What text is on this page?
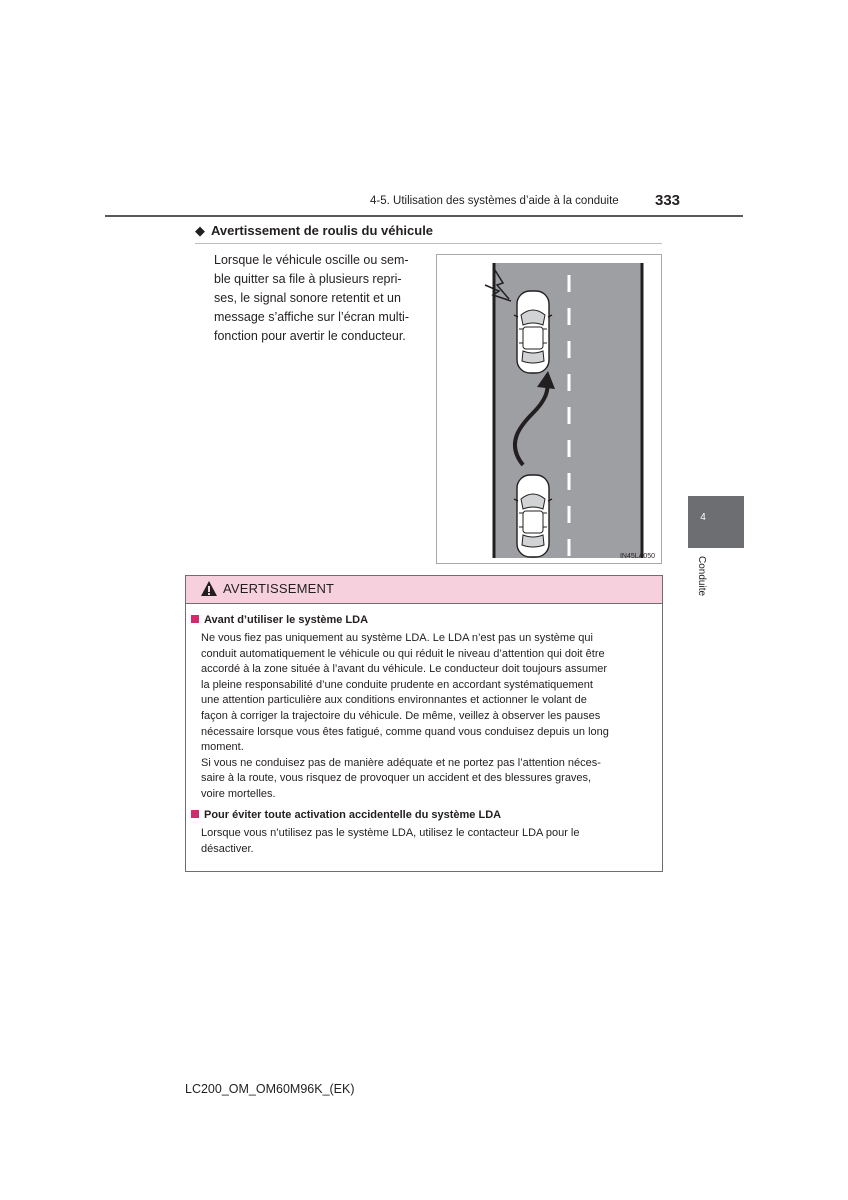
4-5. Utilisation des systèmes d’aide à la conduite 333
4
Conduite
◆ Avertissement de roulis du véhicule
Lorsque le véhicule oscille ou sem-
ble quitter sa file à plusieurs repri-
ses, le signal sonore retentit et un
message s’affiche sur l’écran multi-
fonction pour avertir le conducteur.
IN45LA050
AVERTISSEMENT
Avant d’utiliser le système LDA
Ne vous fiez pas uniquement au système LDA. Le LDA n’est pas un système qui
conduit automatiquement le véhicule ou qui réduit le niveau d’attention qui doit être
accordé à la zone située à l’avant du véhicule. Le conducteur doit toujours assumer
la pleine responsabilité d’une conduite prudente en accordant systématiquement
une attention particulière aux conditions environnantes et actionner le volant de
façon à corriger la trajectoire du véhicule. De même, veillez à observer les pauses
nécessaire lorsque vous êtes fatigué, comme quand vous conduisez depuis un long
moment.
Si vous ne conduisez pas de manière adéquate et ne portez pas l’attention néces-
saire à la route, vous risquez de provoquer un accident et des blessures graves,
voire mortelles.
Pour éviter toute activation accidentelle du système LDA
Lorsque vous n’utilisez pas le système LDA, utilisez le contacteur LDA pour le
désactiver.
LC200_OM_OM60M96K_(EK)
